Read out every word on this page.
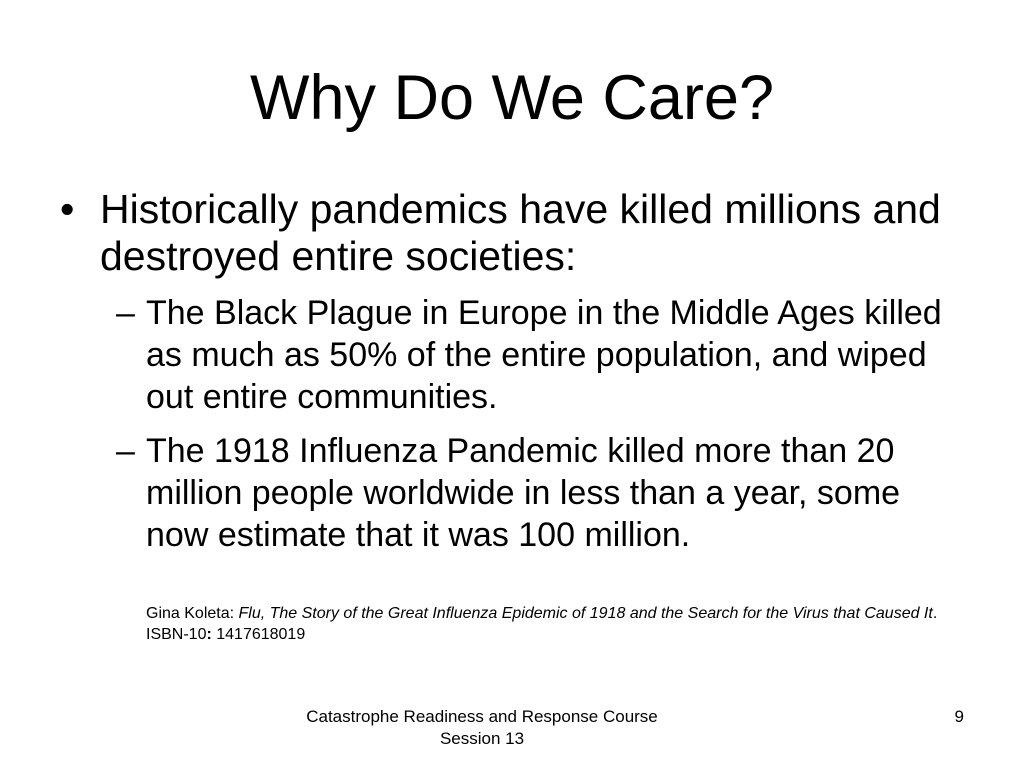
Why Do We Care?
• Historically pandemics have killed millions and destroyed entire societies:
– The Black Plague in Europe in the Middle Ages killed as much as 50% of the entire population, and wiped out entire communities.
– The 1918 Influenza Pandemic killed more than 20 million people worldwide in less than a year, some now estimate that it was 100 million.
Gina Koleta: Flu, The Story of the Great Influenza Epidemic of 1918 and the Search for the Virus that Caused It. ISBN-10: 1417618019
Catastrophe Readiness and Response Course
Session 13
9
